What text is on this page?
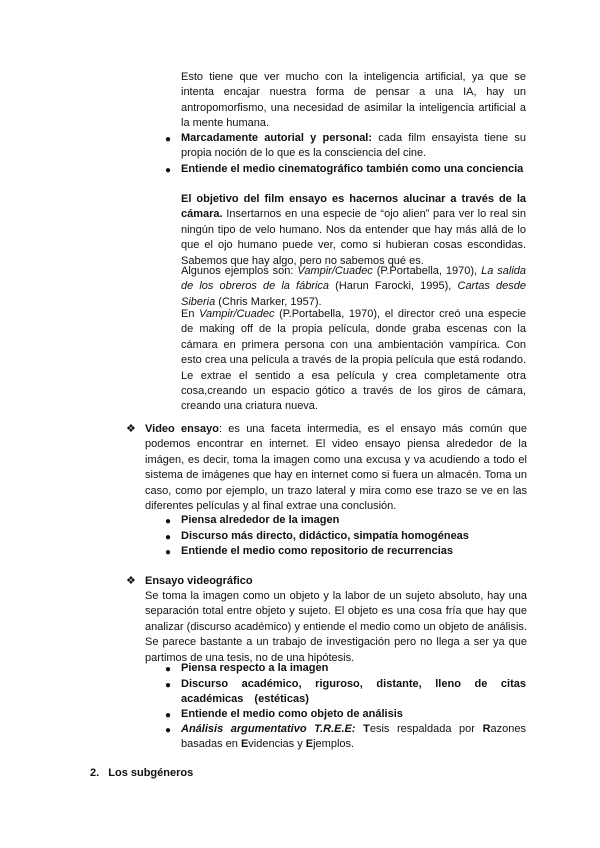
Esto tiene que ver mucho con la inteligencia artificial, ya que se intenta encajar nuestra forma de pensar a una IA, hay un antropomorfismo, una necesidad de asimilar la inteligencia artificial a la mente humana.
● Marcadamente autorial y personal: cada film ensayista tiene su propia noción de lo que es la consciencia del cine.
● Entiende el medio cinematográfico también como una conciencia
El objetivo del film ensayo es hacernos alucinar a través de la cámara. Insertarnos en una especie de “ojo alien” para ver lo real sin ningún tipo de velo humano. Nos da entender que hay más allá de lo que el ojo humano puede ver, como si hubieran cosas escondidas. Sabemos que hay algo, pero no sabemos qué es.
Algunos ejemplos son: Vampir/Cuadec (P.Portabella, 1970), La salida de los obreros de la fábrica (Harun Farocki, 1995), Cartas desde Siberia (Chris Marker, 1957).
En Vampir/Cuadec (P.Portabella, 1970), el director creó una especie de making off de la propia película, donde graba escenas con la cámara en primera persona con una ambientación vampírica. Con esto crea una película a través de la propia película que está rodando. Le extrae el sentido a esa película y crea completamente otra cosa,creando un espacio gótico a través de los giros de cámara, creando una criatura nueva.
❖ Video ensayo: es una faceta intermedia, es el ensayo más común que podemos encontrar en internet. El video ensayo piensa alrededor de la imágen, es decir, toma la imagen como una excusa y va acudiendo a todo el sistema de imágenes que hay en internet como si fuera un almacén. Toma un caso, como por ejemplo, un trazo lateral y mira como ese trazo se ve en las diferentes películas y al final extrae una conclusión.
● Piensa alrededor de la imagen
● Discurso más directo, didáctico, simpatía homogéneas
● Entiende el medio como repositorio de recurrencias
❖ Ensayo videográfico
Se toma la imagen como un objeto y la labor de un sujeto absoluto, hay una separación total entre objeto y sujeto. El objeto es una cosa fría que hay que analizar (discurso académico) y entiende el medio como un objeto de análisis. Se parece bastante a un trabajo de investigación pero no llega a ser ya que partimos de una tesis, no de una hipótesis.
● Piensa respecto a la imagen
● Discurso académico, riguroso, distante, lleno de citas académicas (estéticas)
● Entiende el medio como objeto de análisis
● Análisis argumentativo T.R.E.E: Tesis respaldada por Razones basadas en Evidencias y Ejemplos.
2. Los subgéneros
